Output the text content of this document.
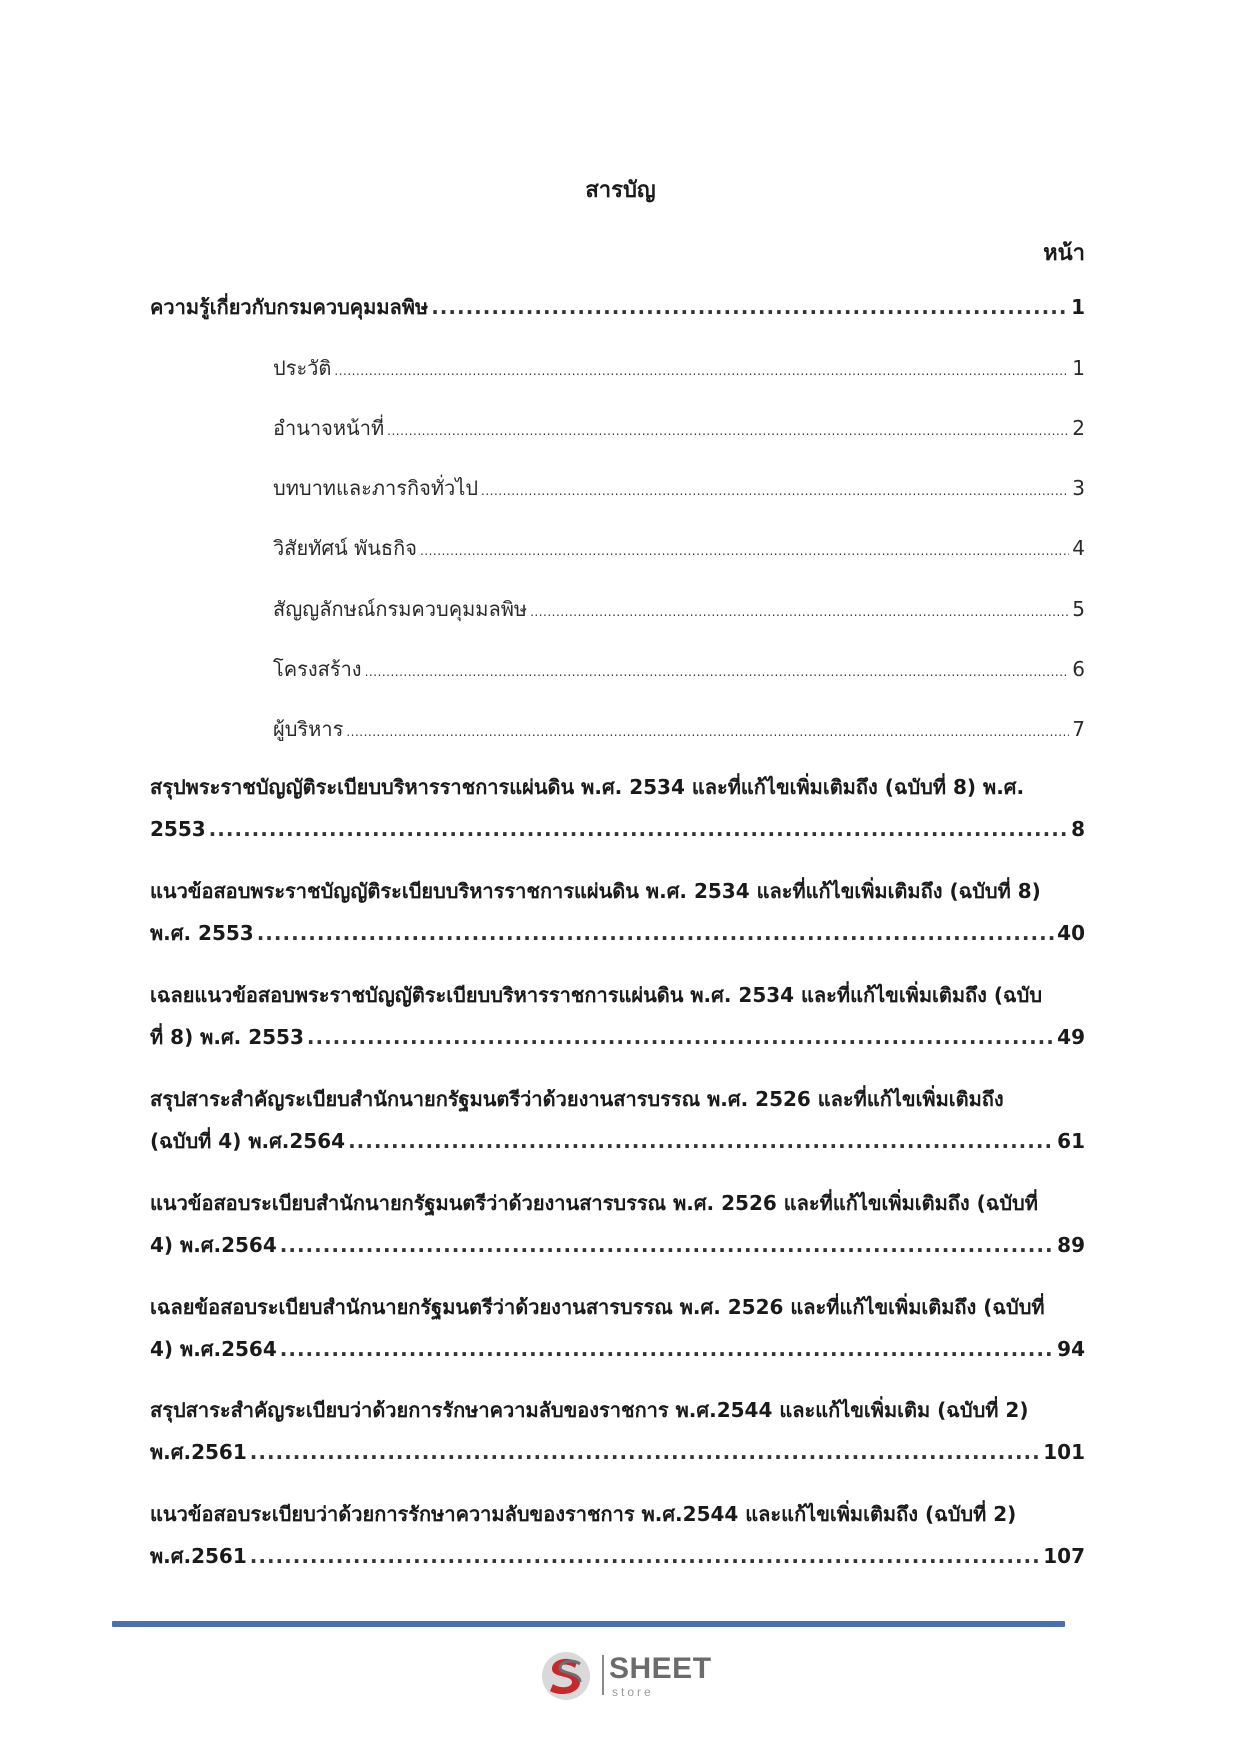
สารบัญ
หน้า
ความรู้เกี่ยวกับกรมควบคุมมลพิษ .....	1
ประวัติ .....	1
อำนาจหน้าที่ .....	2
บทบาทและภารกิจทั่วไป .....	3
วิสัยทัศน์ พันธกิจ .....	4
สัญญลักษณ์กรมควบคุมมลพิษ .....	5
โครงสร้าง .....	6
ผู้บริหาร .....	7
สรุปพระราชบัญญัติระเบียบบริหารราชการแผ่นดิน พ.ศ. 2534 และที่แก้ไขเพิ่มเติมถึง (ฉบับที่ 8) พ.ศ.
2553 .....	8
แนวข้อสอบพระราชบัญญัติระเบียบบริหารราชการแผ่นดิน พ.ศ. 2534 และที่แก้ไขเพิ่มเติมถึง (ฉบับที่ 8)
พ.ศ. 2553 .....	40
เฉลยแนวข้อสอบพระราชบัญญัติระเบียบบริหารราชการแผ่นดิน พ.ศ. 2534 และที่แก้ไขเพิ่มเติมถึง (ฉบับ
ที่ 8) พ.ศ. 2553 .....	49
สรุปสาระสำคัญระเบียบสำนักนายกรัฐมนตรีว่าด้วยงานสารบรรณ พ.ศ. 2526 และที่แก้ไขเพิ่มเติมถึง
(ฉบับที่ 4) พ.ศ.2564 .....	61
แนวข้อสอบระเบียบสำนักนายกรัฐมนตรีว่าด้วยงานสารบรรณ พ.ศ. 2526 และที่แก้ไขเพิ่มเติมถึง (ฉบับที่
4) พ.ศ.2564 .....	89
เฉลยข้อสอบระเบียบสำนักนายกรัฐมนตรีว่าด้วยงานสารบรรณ พ.ศ. 2526 และที่แก้ไขเพิ่มเติมถึง (ฉบับที่
4) พ.ศ.2564 .....	94
สรุปสาระสำคัญระเบียบว่าด้วยการรักษาความลับของราชการ พ.ศ.2544 และแก้ไขเพิ่มเติม (ฉบับที่ 2)
พ.ศ.2561 .....	101
แนวข้อสอบระเบียบว่าด้วยการรักษาความลับของราชการ พ.ศ.2544 และแก้ไขเพิ่มเติมถึง (ฉบับที่ 2)
พ.ศ.2561 .....	107
SHEET
store
